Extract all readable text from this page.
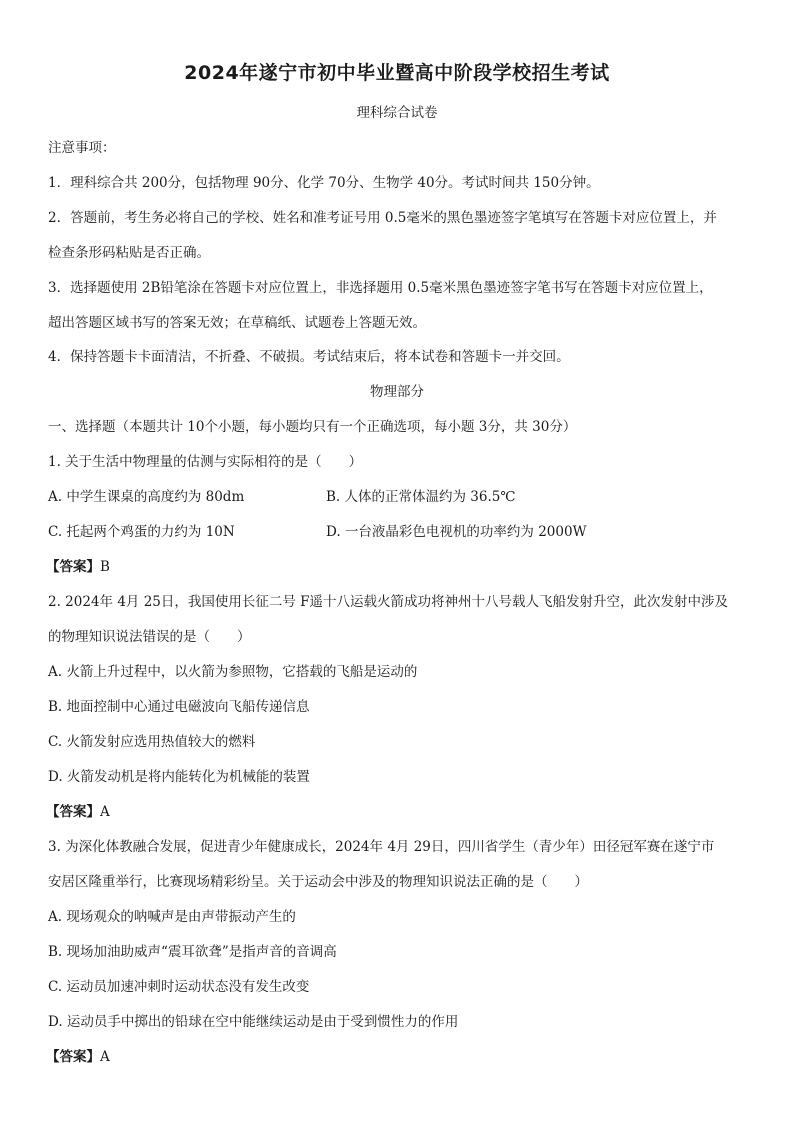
2024年遂宁市初中毕业暨高中阶段学校招生考试
理科综合试卷
注意事项：
1．理科综合共 200分，包括物理 90分、化学 70分、生物学 40分。考试时间共 150分钟。
2．答题前，考生务必将自己的学校、姓名和准考证号用 0.5毫米的黑色墨迹签字笔填写在答题卡对应位置上，并
检查条形码粘贴是否正确。
3．选择题使用 2B铅笔涂在答题卡对应位置上，非选择题用 0.5毫米黑色墨迹签字笔书写在答题卡对应位置上，
超出答题区域书写的答案无效；在草稿纸、试题卷上答题无效。
4．保持答题卡卡面清洁，不折叠、不破损。考试结束后，将本试卷和答题卡一并交回。
物理部分
一、选择题（本题共计 10个小题，每小题均只有一个正确选项，每小题 3分，共 30分）
1. 关于生活中物理量的估测与实际相符的是（　　）
A. 中学生课桌的高度约为 80dm	B. 人体的正常体温约为 36.5℃
C. 托起两个鸡蛋的力约为 10N	D. 一台液晶彩色电视机的功率约为 2000W
【答案】B
2. 2024年 4月 25日，我国使用长征二号 F遥十八运载火箭成功将神州十八号载人飞船发射升空，此次发射中涉及
的物理知识说法错误的是（　　）
A. 火箭上升过程中，以火箭为参照物，它搭载的飞船是运动的
B. 地面控制中心通过电磁波向飞船传递信息
C. 火箭发射应选用热值较大的燃料
D. 火箭发动机是将内能转化为机械能的装置
【答案】A
3. 为深化体教融合发展，促进青少年健康成长，2024年 4月 29日，四川省学生（青少年）田径冠军赛在遂宁市
安居区隆重举行，比赛现场精彩纷呈。关于运动会中涉及的物理知识说法正确的是（　　）
A. 现场观众的呐喊声是由声带振动产生的
B. 现场加油助威声“震耳欲聋”是指声音的音调高
C. 运动员加速冲刺时运动状态没有发生改变
D. 运动员手中掷出的铅球在空中能继续运动是由于受到惯性力的作用
【答案】A
